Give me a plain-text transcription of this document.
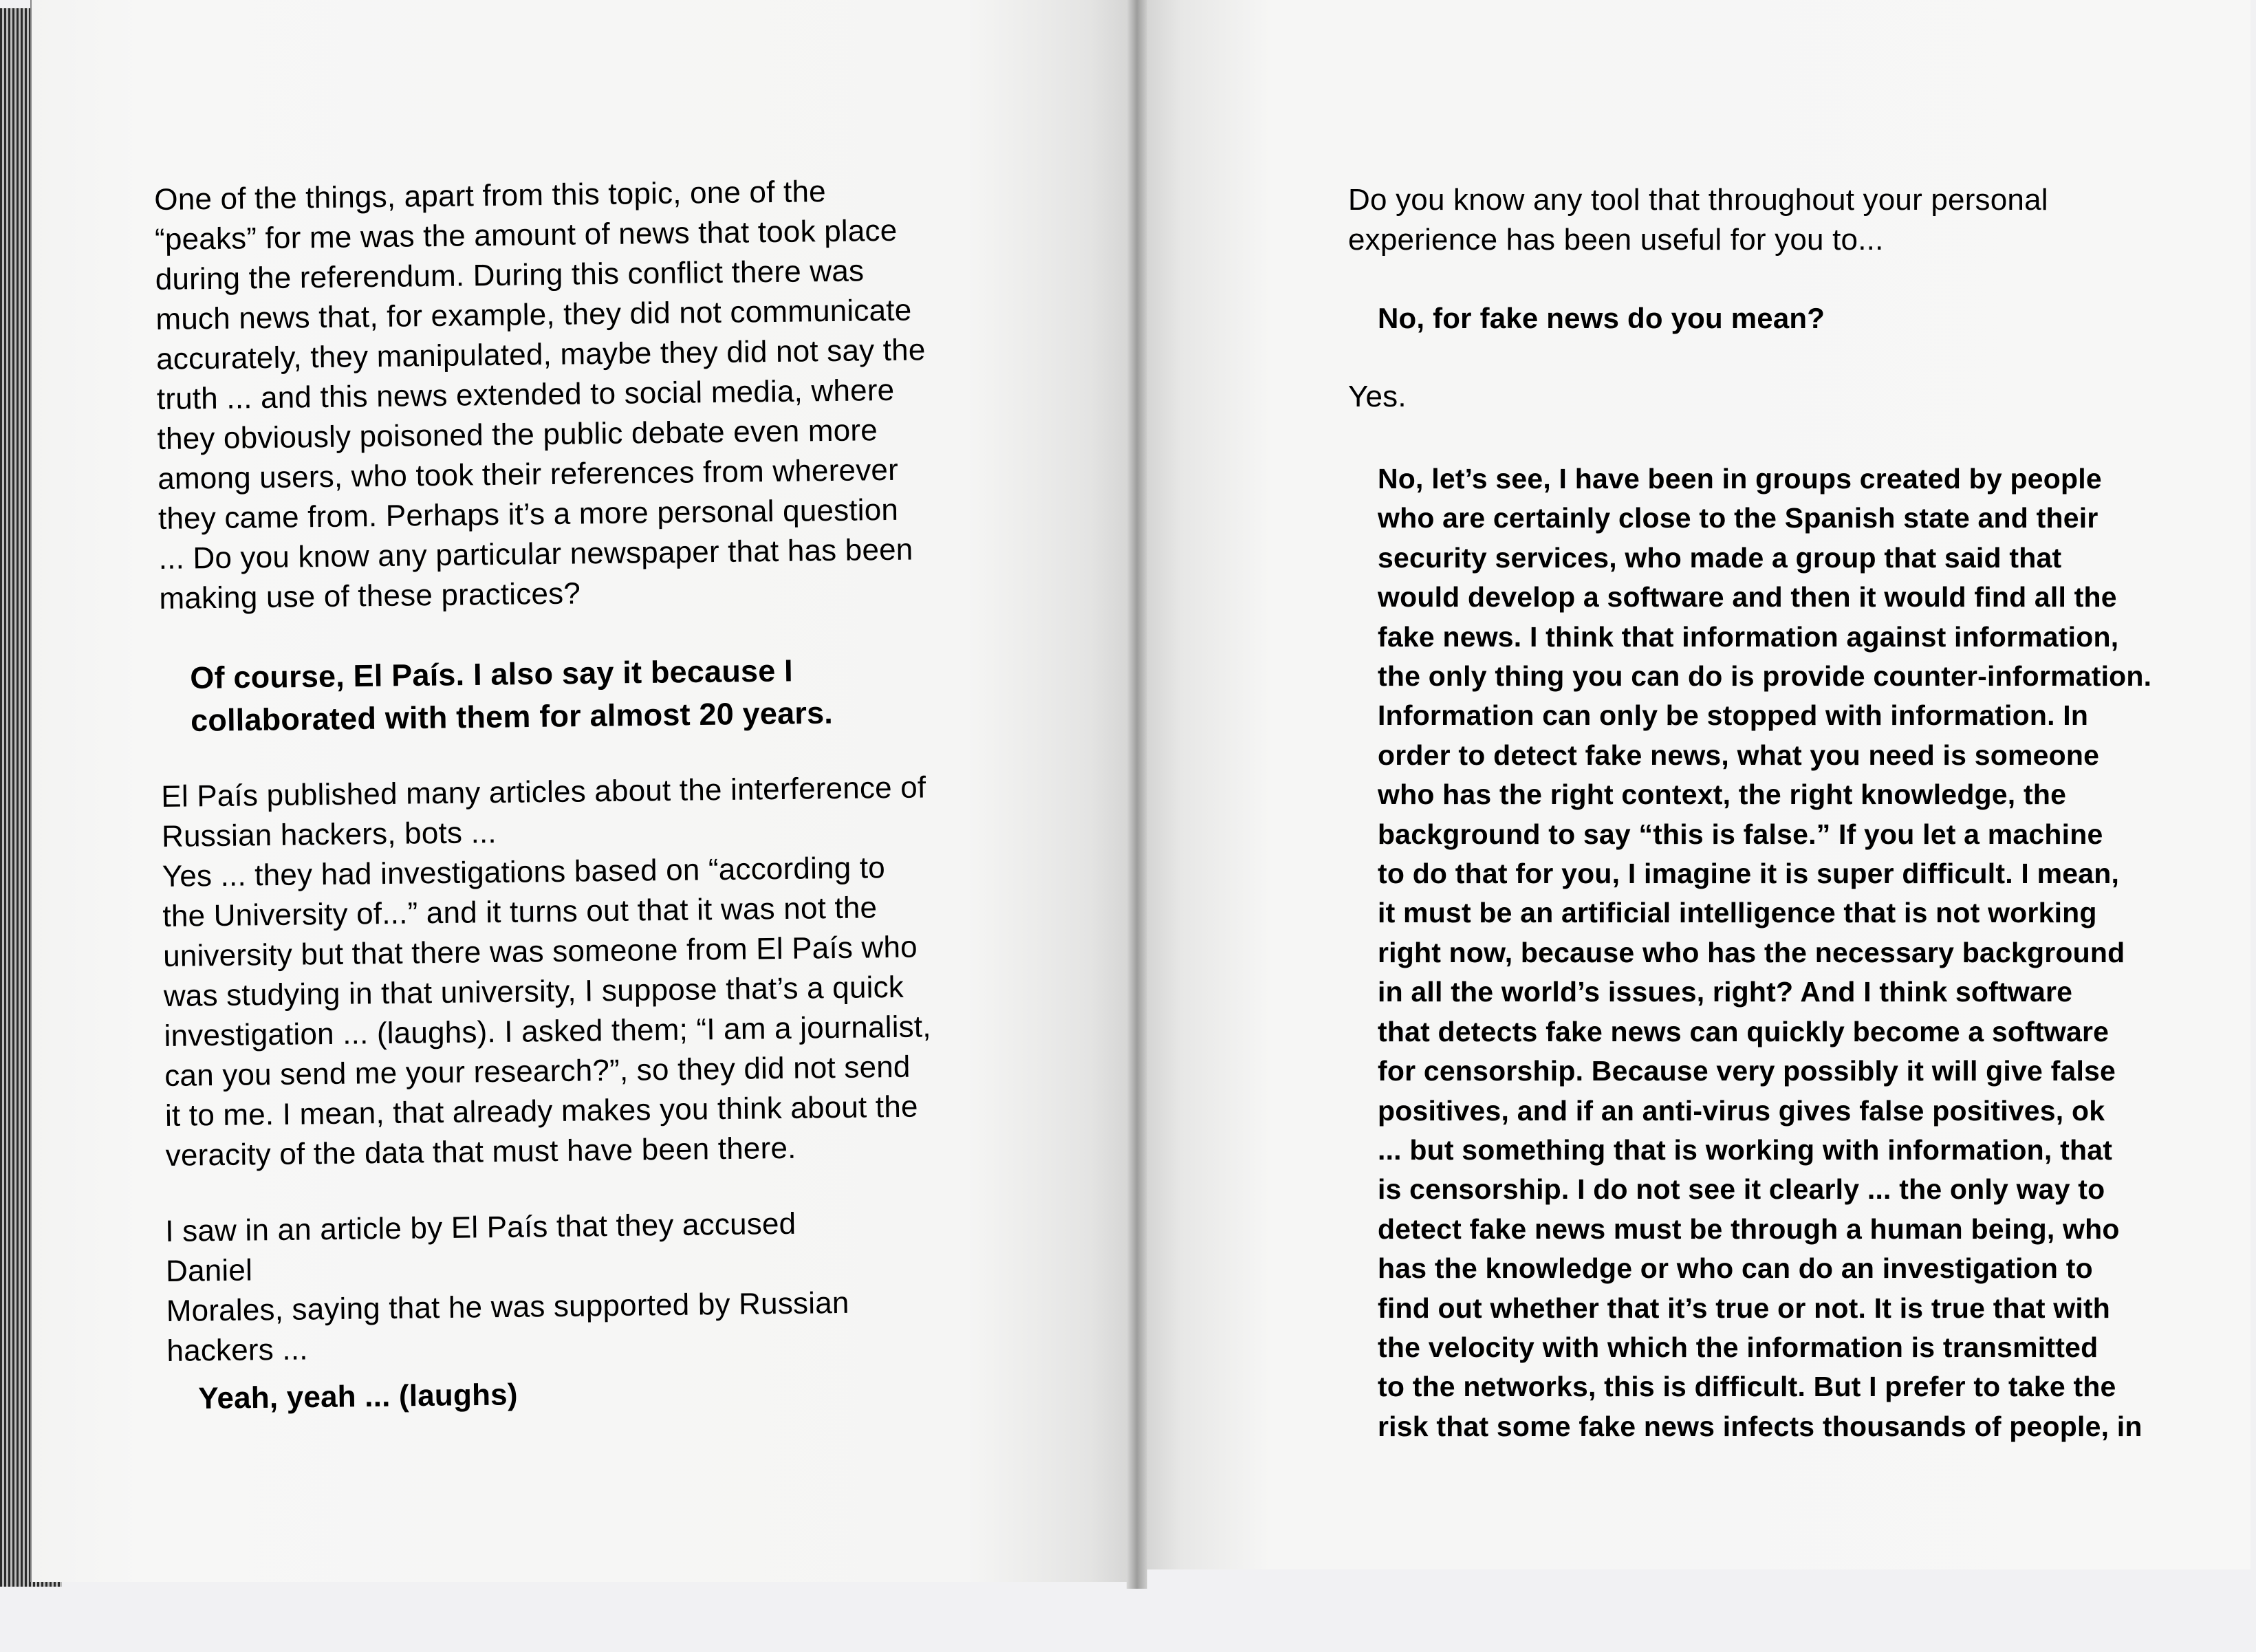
One of the things, apart from this topic, one of the

“peaks” for me was the amount of news that took place

during the referendum. During this conflict there was

much news that, for example, they did not communicate

accurately, they manipulated, maybe they did not say the

truth ... and this news extended to social media, where

they obviously poisoned the public debate even more

among users, who took their references from wherever

they came from. Perhaps it’s a more personal question

... Do you know any particular newspaper that has been

making use of these practices?

Of course, El País. I also say it because I

collaborated with them for almost 20 years.

El País published many articles about the interference of

Russian hackers, bots ...

Yes ... they had investigations based on “according to

the University of...” and it turns out that it was not the

university but that there was someone from El País who

was studying in that university, I suppose that’s a quick

investigation ... (laughs). I asked them; “I am a journalist,

can you send me your research?”, so they did not send

it to me. I mean, that already makes you think about the

veracity of the data that must have been there.

I saw in an article by El País that they accused Daniel

Morales, saying that he was supported by Russian

hackers ...

Yeah, yeah ... (laughs)

Do you know any tool that throughout your personal

experience has been useful for you to...

No, for fake news do you mean?

Yes.

No, let’s see, I have been in groups created by people

who are certainly close to the Spanish state and their

security services, who made a group that said that

would develop a software and then it would find all the

fake news. I think that information against information,

the only thing you can do is provide counter-information.

Information can only be stopped with information. In

order to detect fake news, what you need is someone

who has the right context, the right knowledge, the

background to say “this is false.” If you let a machine

to do that for you, I imagine it is super difficult. I mean,

it must be an artificial intelligence that is not working

right now, because who has the necessary background

in all the world’s issues, right? And I think software

that detects fake news can quickly become a software

for censorship. Because very possibly it will give false

positives, and if an anti-virus gives false positives, ok

... but something that is working with information, that

is censorship. I do not see it clearly ... the only way to

detect fake news must be through a human being, who

has the knowledge or who can do an investigation to

find out whether that it’s true or not. It is true that with

the velocity with which the information is transmitted

to the networks, this is difficult. But I prefer to take the

risk that some fake news infects thousands of people, in
